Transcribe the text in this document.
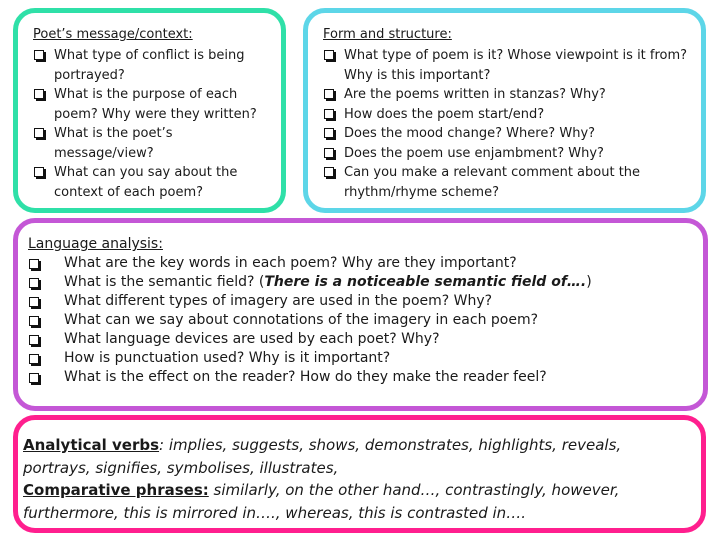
Poet’s message/context:
What type of conflict is being portrayed?
What is the purpose of each poem? Why were they written?
What is the poet’s message/view?
What can you say about the context of each poem?
Form and structure:
What type of poem is it? Whose viewpoint is it from? Why is this important?
Are the poems written in stanzas? Why?
How does the poem start/end?
Does the mood change? Where? Why?
Does the poem use enjambment? Why?
Can you make a relevant comment about the rhythm/rhyme scheme?
Language analysis:
What are the key words in each poem? Why are they important?
What is the semantic field? (There is a noticeable semantic field of….)
What different types of imagery are used in the poem? Why?
What can we say about connotations of the imagery in each poem?
What language devices are used by each poet? Why?
How is punctuation used? Why is it important?
What is the effect on the reader? How do they make the reader feel?

Analytical verbs: implies, suggests, shows, demonstrates, highlights, reveals, portrays, signifies, symbolises, illustrates,

Comparative phrases: similarly, on the other hand…, contrastingly, however, furthermore, this is mirrored in…., whereas, this is contrasted in….
